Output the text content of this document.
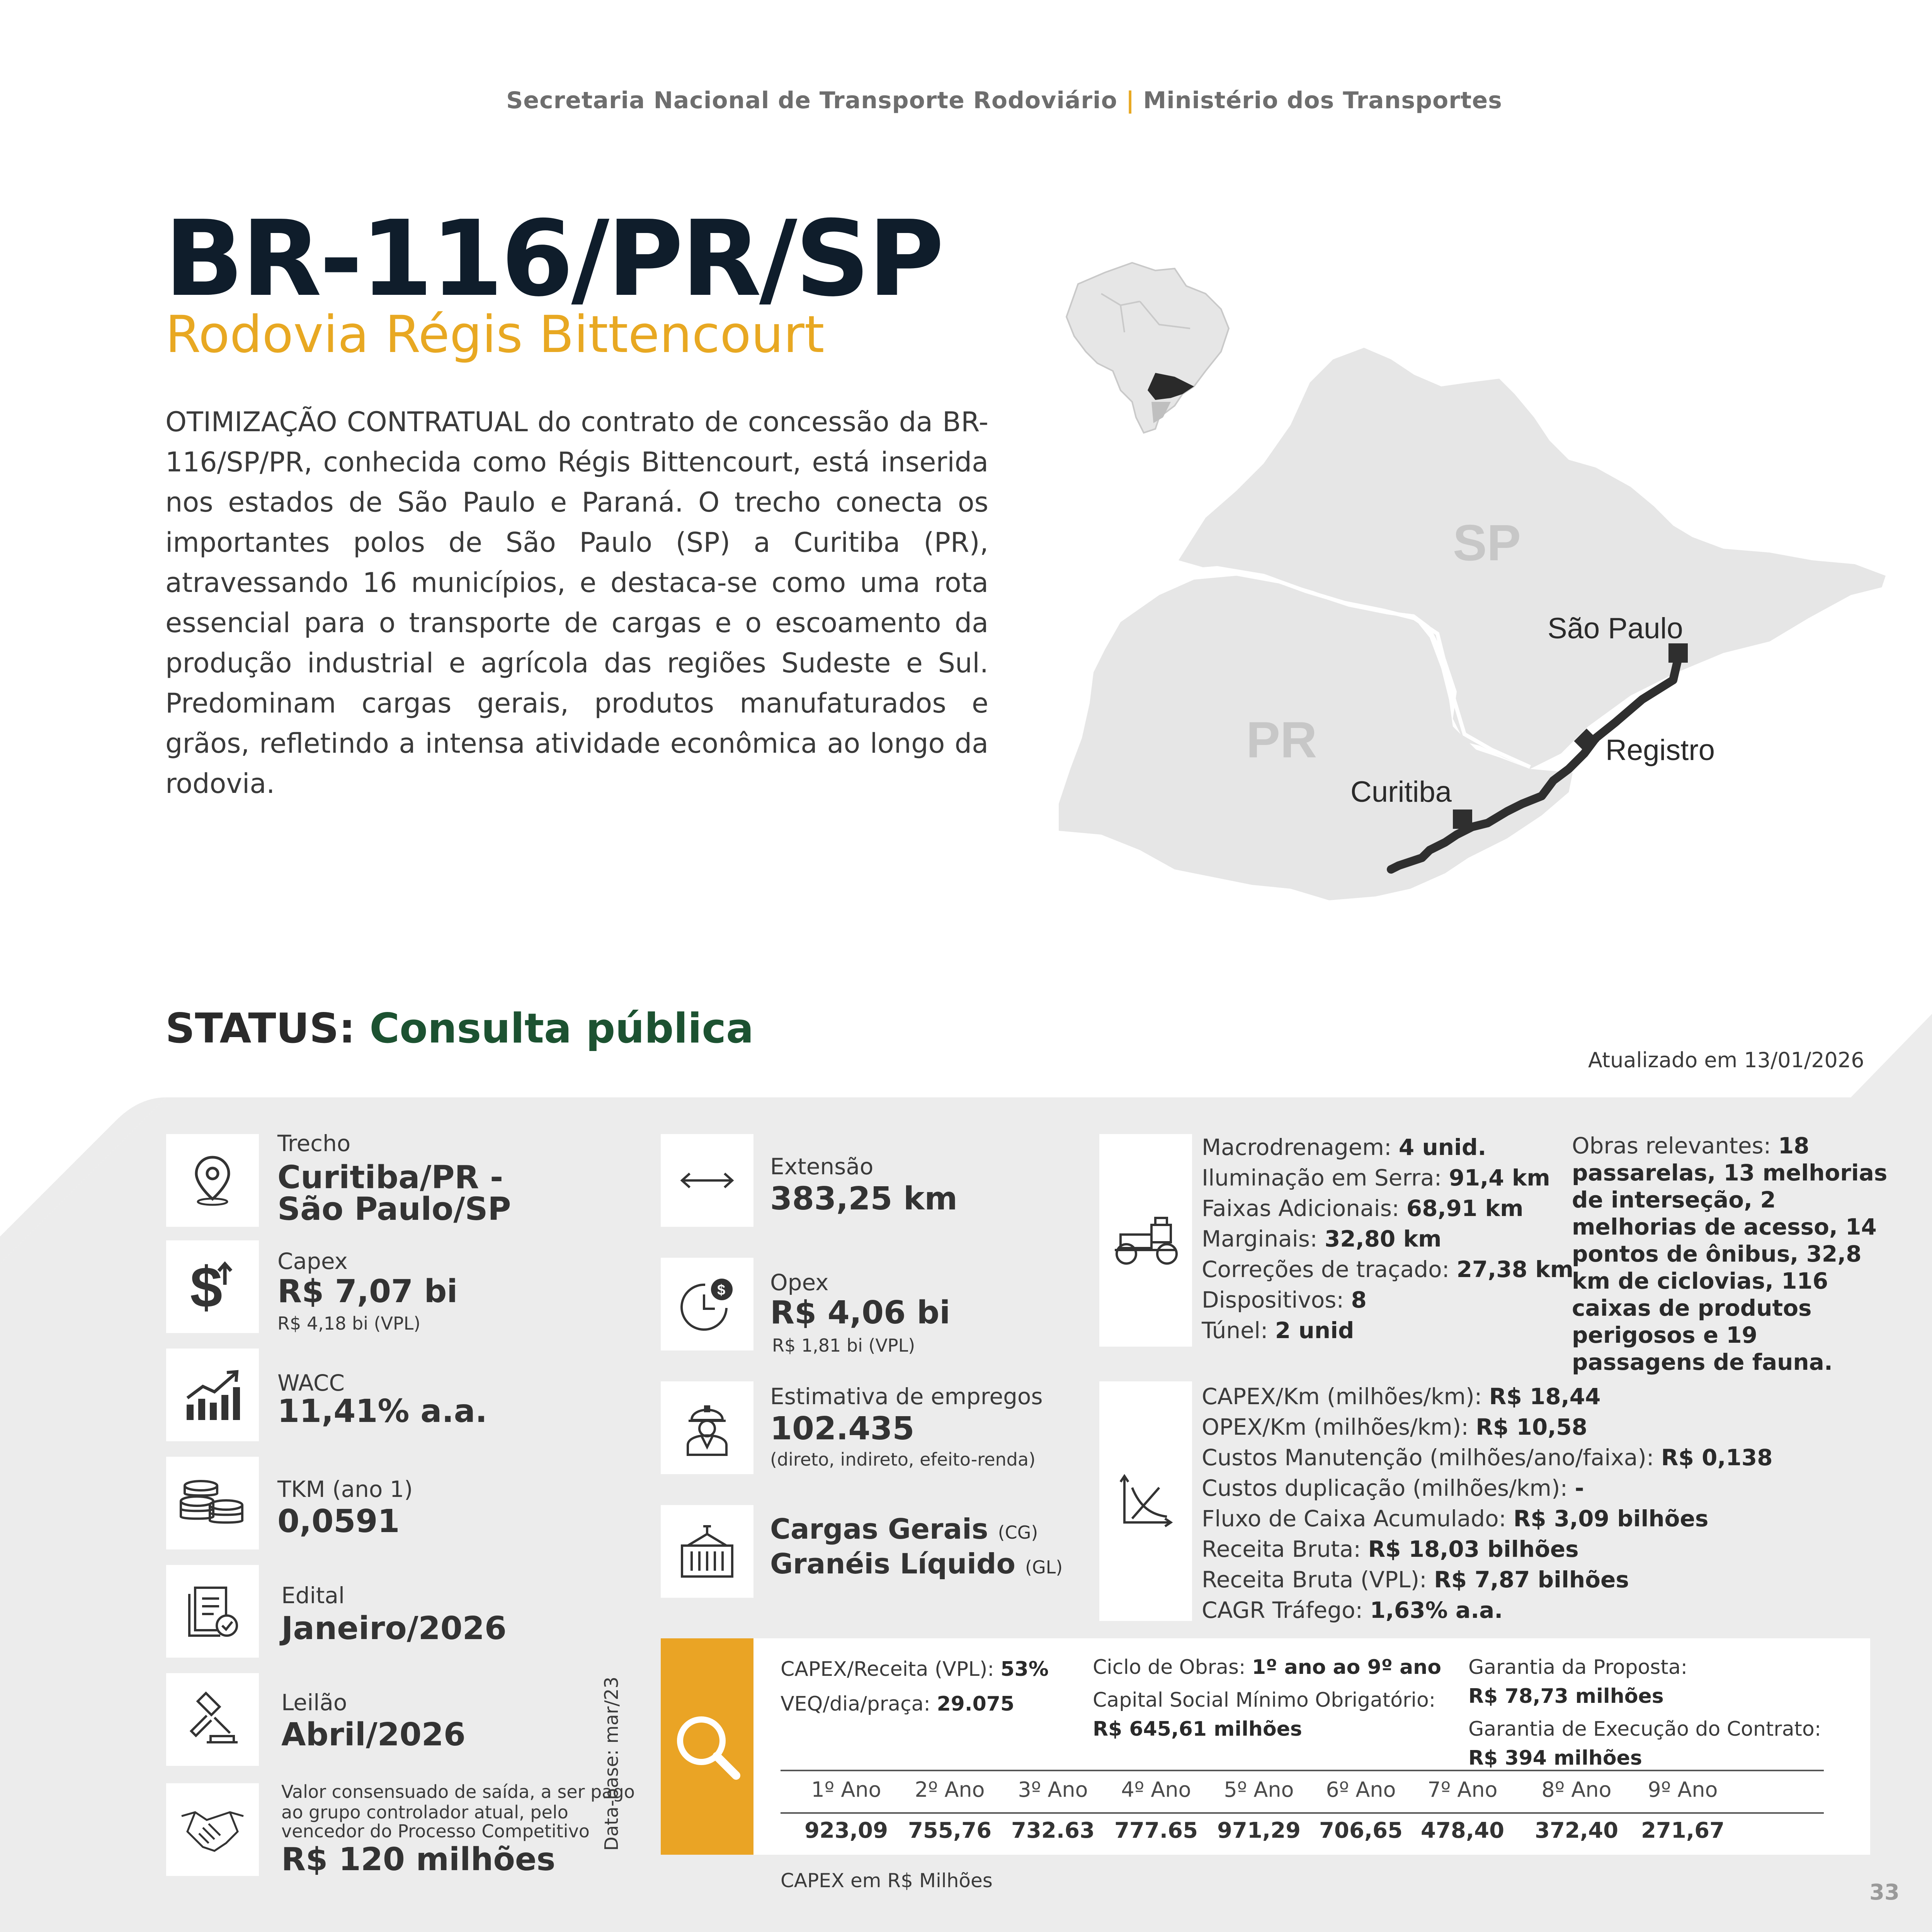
Secretaria Nacional de Transporte Rodoviário | Ministério dos Transportes
BR-116/PR/SP
Rodovia Régis Bittencourt
OTIMIZAÇÃO CONTRATUAL do contrato de concessão da BR-116/SP/PR, conhecida como Régis Bittencourt, está inserida nos estados de São Paulo e Paraná. O trecho conecta os importantes polos de São Paulo (SP) a Curitiba (PR), atravessando 16 municípios, e destaca-se como uma rota essencial para o transporte de cargas e o escoamento da produção industrial e agrícola das regiões Sudeste e Sul. Predominam cargas gerais, produtos manufaturados e grãos, refletindo a intensa atividade econômica ao longo da rodovia.
SP
PR
São Paulo
Registro
Curitiba
STATUS: Consulta pública
Atualizado em 13/01/2026
Trecho
Curitiba/PR -
São Paulo/SP
$ Capex
R$ 7,07 bi
R$ 4,18 bi (VPL)
WACC
11,41% a.a.
TKM (ano 1)
0,0591
Edital
Janeiro/2026
Leilão
Abril/2026
Valor consensuado de saída, a ser pago
ao grupo controlador atual, pelo
vencedor do Processo Competitivo
R$ 120 milhões
Extensão
383,25 km
$ Opex
R$ 4,06 bi
R$ 1,81 bi (VPL)
Estimativa de empregos
102.435
(direto, indireto, efeito-renda)
Cargas Gerais (CG)
Granéis Líquido (GL)
Macrodrenagem: 4 unid.
Iluminação em Serra: 91,4 km
Faixas Adicionais: 68,91 km
Marginais: 32,80 km
Correções de traçado: 27,38 km
Dispositivos: 8
Túnel: 2 unid
Obras relevantes: 18 passarelas, 13 melhorias de interseção, 2 melhorias de acesso, 14 pontos de ônibus, 32,8 km de ciclovias, 116 caixas de produtos perigosos e 19 passagens de fauna.
CAPEX/Km (milhões/km): R$ 18,44
OPEX/Km (milhões/km): R$ 10,58
Custos Manutenção (milhões/ano/faixa): R$ 0,138
Custos duplicação (milhões/km): -
Fluxo de Caixa Acumulado: R$ 3,09 bilhões
Receita Bruta: R$ 18,03 bilhões
Receita Bruta (VPL): R$ 7,87 bilhões
CAGR Tráfego: 1,63% a.a.
Data-base: mar/23
CAPEX/Receita (VPL): 53%
VEQ/dia/praça: 29.075
Ciclo de Obras: 1º ano ao 9º ano
Capital Social Mínimo Obrigatório:
R$ 645,61 milhões
Garantia da Proposta:
R$ 78,73 milhões
Garantia de Execução do Contrato:
R$ 394 milhões
1º Ano	2º Ano	3º Ano	4º Ano	5º Ano	6º Ano	7º Ano	8º Ano	9º Ano
923,09 755,76 732.63 777.65 971,29 706,65 478,40 372,40 271,67
CAPEX em R$ Milhões	33
